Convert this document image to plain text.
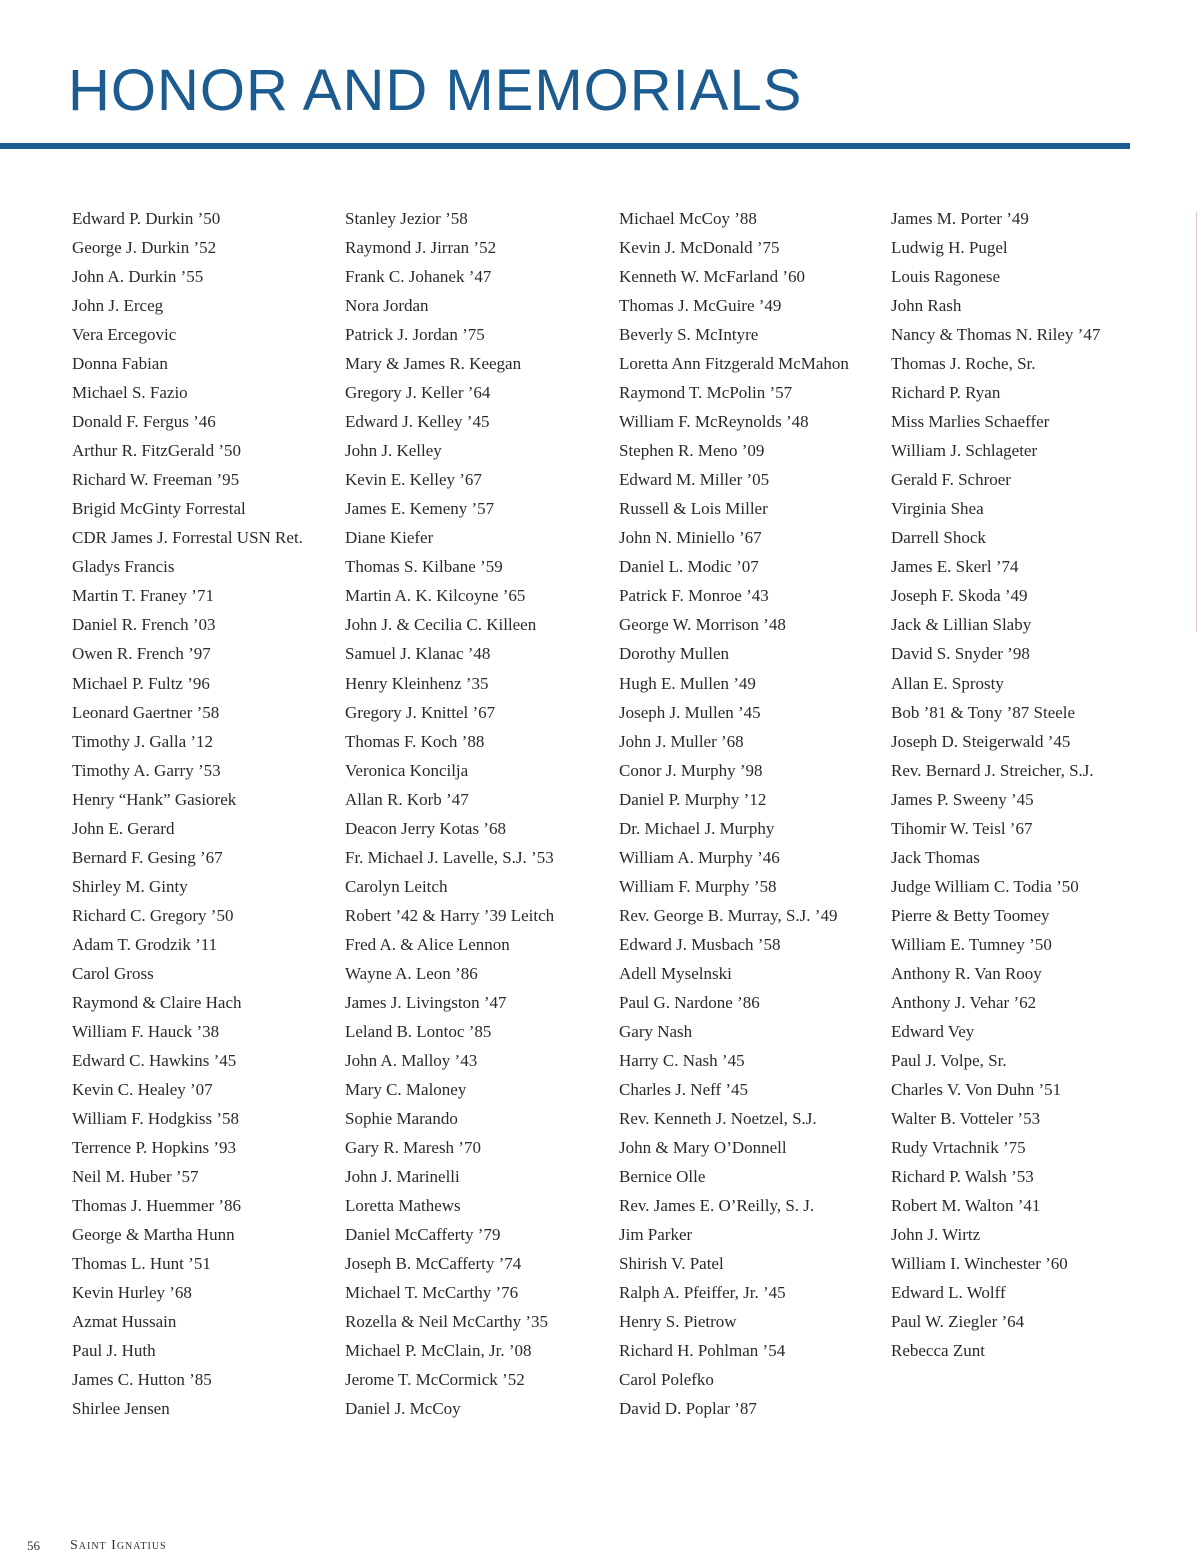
HONOR AND MEMORIALS
Edward P. Durkin ’50
George J. Durkin ’52
John A. Durkin ’55
John J. Erceg
Vera Ercegovic
Donna Fabian
Michael S. Fazio
Donald F. Fergus ’46
Arthur R. FitzGerald ’50
Richard W. Freeman ’95
Brigid McGinty Forrestal
CDR James J. Forrestal USN Ret.
Gladys Francis
Martin T. Franey ’71
Daniel R. French ’03
Owen R. French ’97
Michael P. Fultz ’96
Leonard Gaertner ’58
Timothy J. Galla ’12
Timothy A. Garry ’53
Henry “Hank” Gasiorek
John E. Gerard
Bernard F. Gesing ’67
Shirley M. Ginty
Richard C. Gregory ’50
Adam T. Grodzik ’11
Carol Gross
Raymond & Claire Hach
William F. Hauck ’38
Edward C. Hawkins ’45
Kevin C. Healey ’07
William F. Hodgkiss ’58
Terrence P. Hopkins ’93
Neil M. Huber ’57
Thomas J. Huemmer ’86
George & Martha Hunn
Thomas L. Hunt ’51
Kevin Hurley ’68
Azmat Hussain
Paul J. Huth
James C. Hutton ’85
Shirlee Jensen
Stanley Jezior ’58
Raymond J. Jirran ’52
Frank C. Johanek ’47
Nora Jordan
Patrick J. Jordan ’75
Mary & James R. Keegan
Gregory J. Keller ’64
Edward J. Kelley ’45
John J. Kelley
Kevin E. Kelley ’67
James E. Kemeny ’57
Diane Kiefer
Thomas S. Kilbane ’59
Martin A. K. Kilcoyne ’65
John J. & Cecilia C. Killeen
Samuel J. Klanac ’48
Henry Kleinhenz ’35
Gregory J. Knittel ’67
Thomas F. Koch ’88
Veronica Koncilja
Allan R. Korb ’47
Deacon Jerry Kotas ’68
Fr. Michael J. Lavelle, S.J. ’53
Carolyn Leitch
Robert ’42 & Harry ’39 Leitch
Fred A. & Alice Lennon
Wayne A. Leon ’86
James J. Livingston ’47
Leland B. Lontoc ’85
John A. Malloy ’43
Mary C. Maloney
Sophie Marando
Gary R. Maresh ’70
John J. Marinelli
Loretta Mathews
Daniel McCafferty ’79
Joseph B. McCafferty ’74
Michael T. McCarthy ’76
Rozella & Neil McCarthy ’35
Michael P. McClain, Jr. ’08
Jerome T. McCormick ’52
Daniel J. McCoy
Michael McCoy ’88
Kevin J. McDonald ’75
Kenneth W. McFarland ’60
Thomas J. McGuire ’49
Beverly S. McIntyre
Loretta Ann Fitzgerald McMahon
Raymond T. McPolin ’57
William F. McReynolds ’48
Stephen R. Meno ’09
Edward M. Miller ’05
Russell & Lois Miller
John N. Miniello ’67
Daniel L. Modic ’07
Patrick F. Monroe ’43
George W. Morrison ’48
Dorothy Mullen
Hugh E. Mullen ’49
Joseph J. Mullen ’45
John J. Muller ’68
Conor J. Murphy ’98
Daniel P. Murphy ’12
Dr. Michael J. Murphy
William A. Murphy ’46
William F. Murphy ’58
Rev. George B. Murray, S.J. ’49
Edward J. Musbach ’58
Adell Myselnski
Paul G. Nardone ’86
Gary Nash
Harry C. Nash ’45
Charles J. Neff ’45
Rev. Kenneth J. Noetzel, S.J.
John & Mary O’Donnell
Bernice Olle
Rev. James E. O’Reilly, S. J.
Jim Parker
Shirish V. Patel
Ralph A. Pfeiffer, Jr. ’45
Henry S. Pietrow
Richard H. Pohlman ’54
Carol Polefko
David D. Poplar ’87
James M. Porter ’49
Ludwig H. Pugel
Louis Ragonese
John Rash
Nancy & Thomas N. Riley ’47
Thomas J. Roche, Sr.
Richard P. Ryan
Miss Marlies Schaeffer
William J. Schlageter
Gerald F. Schroer
Virginia Shea
Darrell Shock
James E. Skerl ’74
Joseph F. Skoda ’49
Jack & Lillian Slaby
David S. Snyder ’98
Allan E. Sprosty
Bob ’81 & Tony ’87 Steele
Joseph D. Steigerwald ’45
Rev. Bernard J. Streicher, S.J.
James P. Sweeny ’45
Tihomir W. Teisl ’67
Jack Thomas
Judge William C. Todia ’50
Pierre & Betty Toomey
William E. Tumney ’50
Anthony R. Van Rooy
Anthony J. Vehar ’62
Edward Vey
Paul J. Volpe, Sr.
Charles V. Von Duhn ’51
Walter B. Votteler ’53
Rudy Vrtachnik ’75
Richard P. Walsh ’53
Robert M. Walton ’41
John J. Wirtz
William I. Winchester ’60
Edward L. Wolff
Paul W. Ziegler ’64
Rebecca Zunt
56 Saint Ignatius
